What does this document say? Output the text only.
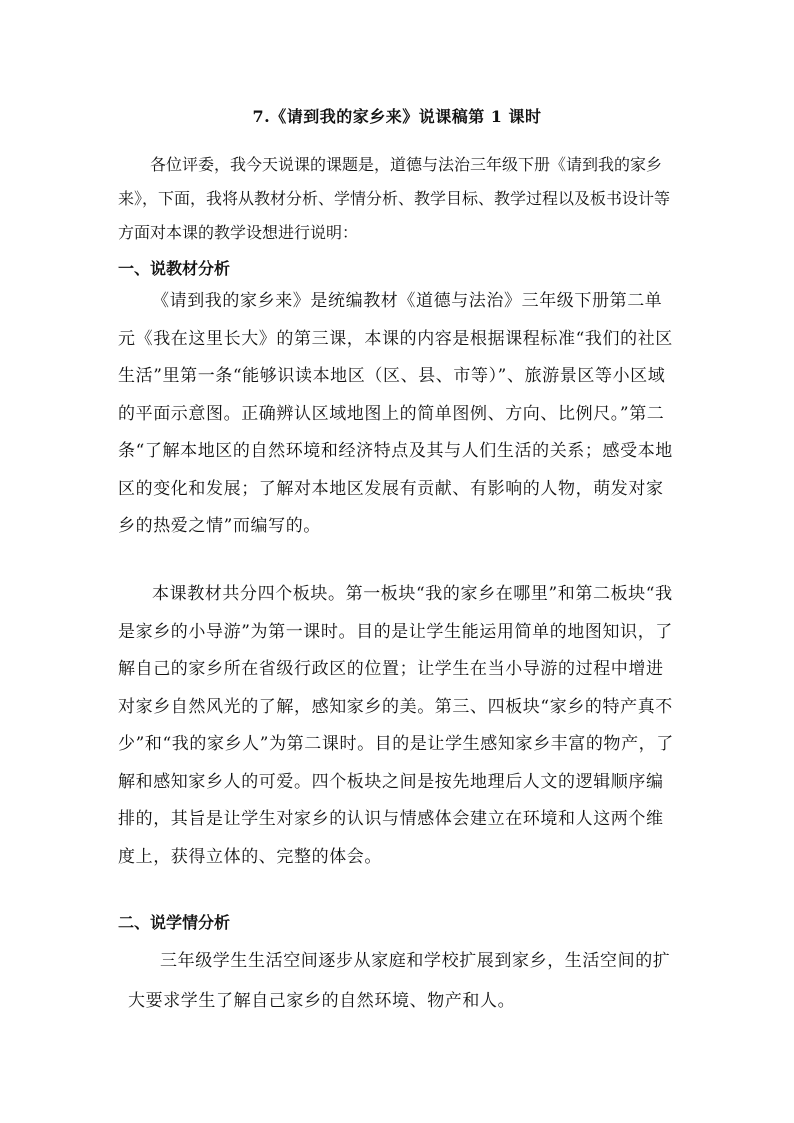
7.《请到我的家乡来》说课稿第 1 课时

各位评委，我今天说课的课题是，道德与法治三年级下册《请到我的家乡来》，下面，我将从教材分析、学情分析、教学目标、教学过程以及板书设计等方面对本课的教学设想进行说明：

一、说教材分析

《请到我的家乡来》是统编教材《道德与法治》三年级下册第二单元《我在这里长大》的第三课，本课的内容是根据课程标准“我们的社区生活”里第一条“能够识读本地区（区、县、市等）”、旅游景区等小区域的平面示意图。正确辨认区域地图上的简单图例、方向、比例尺。”第二条“了解本地区的自然环境和经济特点及其与人们生活的关系；感受本地区的变化和发展；了解对本地区发展有贡献、有影响的人物，萌发对家乡的热爱之情”而编写的。

本课教材共分四个板块。第一板块“我的家乡在哪里”和第二板块“我是家乡的小导游”为第一课时。目的是让学生能运用简单的地图知识，了解自己的家乡所在省级行政区的位置；让学生在当小导游的过程中增进对家乡自然风光的了解，感知家乡的美。第三、四板块“家乡的特产真不少”和“我的家乡人”为第二课时。目的是让学生感知家乡丰富的物产，了解和感知家乡人的可爱。四个板块之间是按先地理后人文的逻辑顺序编排的，其旨是让学生对家乡的认识与情感体会建立在环境和人这两个维度上，获得立体的、完整的体会。

二、说学情分析

三年级学生生活空间逐步从家庭和学校扩展到家乡，生活空间的扩大要求学生了解自己家乡的自然环境、物产和人。
